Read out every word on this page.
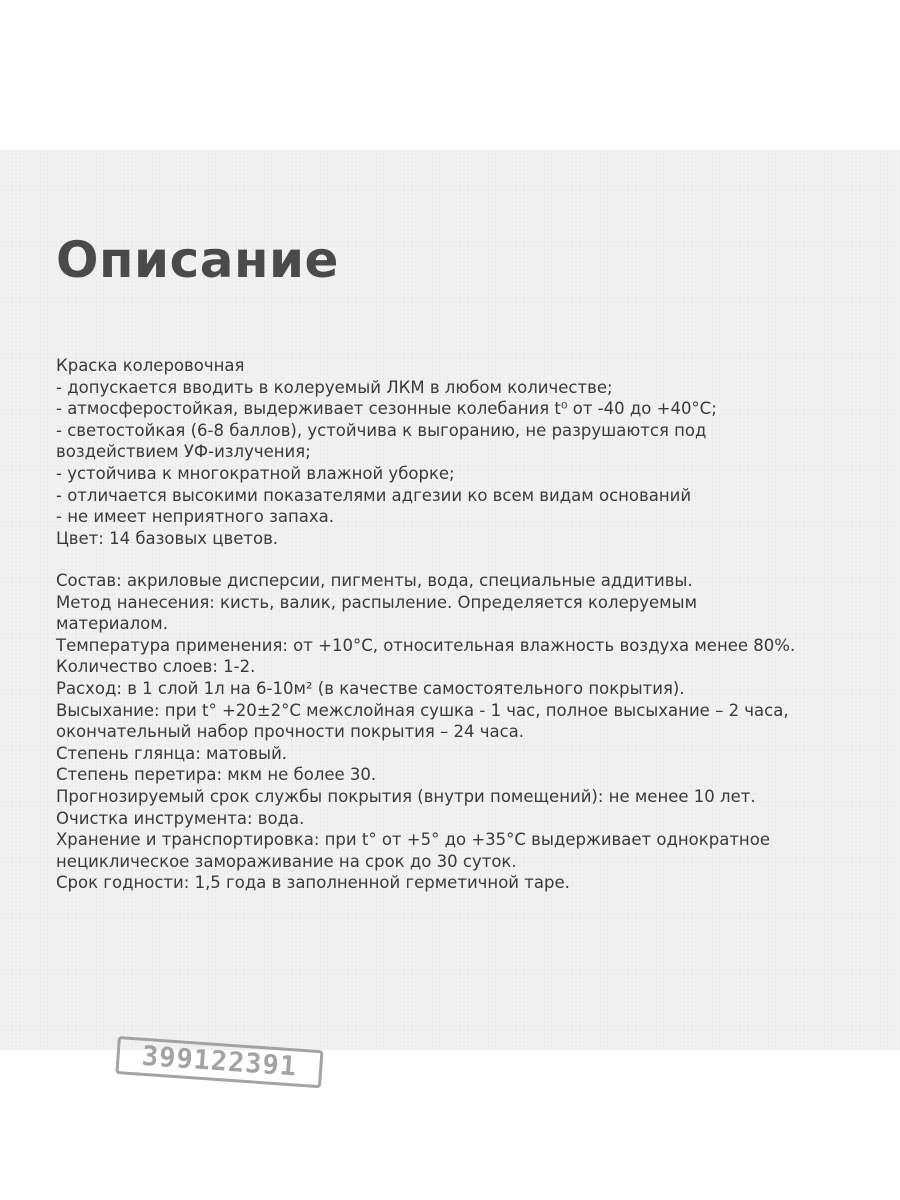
Описание
Краска колеровочная
- допускается вводить в колеруемый ЛКМ в любом количестве;
- атмосферостойкая, выдерживает сезонные колебания t⁰ от -40 до +40°C;
- светостойкая (6-8 баллов), устойчива к выгоранию, не разрушаются под
воздействием УФ-излучения;
- устойчива к многократной влажной уборке;
- отличается высокими показателями адгезии ко всем видам оснований
- не имеет неприятного запаха.
Цвет: 14 базовых цветов.
Состав: акриловые дисперсии, пигменты, вода, специальные аддитивы.
Метод нанесения: кисть, валик, распыление. Определяется колеруемым
материалом.
Температура применения: от +10°C, относительная влажность воздуха менее 80%.
Количество слоев: 1-2.
Расход: в 1 слой 1л на 6-10м² (в качестве самостоятельного покрытия).
Высыхание: при t° +20±2°C межслойная сушка - 1 час, полное высыхание – 2 часа,
окончательный набор прочности покрытия – 24 часа.
Степень глянца: матовый.
Степень перетира: мкм не более 30.
Прогнозируемый срок службы покрытия (внутри помещений): не менее 10 лет.
Очистка инструмента: вода.
Хранение и транспортировка: при t° от +5° до +35°C выдерживает однократное
нециклическое замораживание на срок до 30 суток.
Срок годности: 1,5 года в заполненной герметичной таре.
399122391
